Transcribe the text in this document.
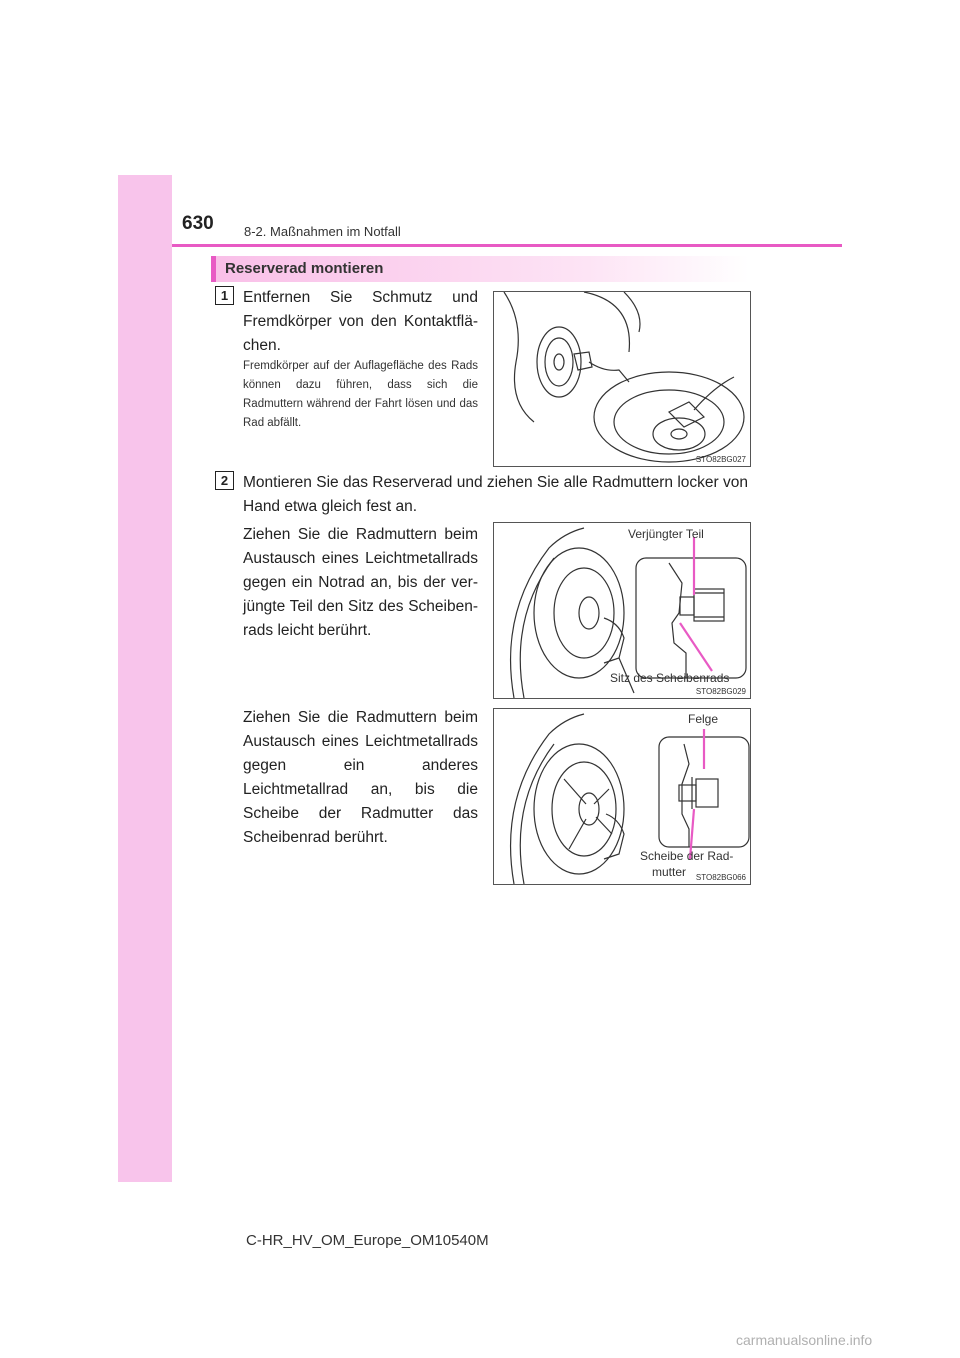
630 8-2. Maßnahmen im Notfall
Reserverad montieren
1 Entfernen Sie Schmutz und Fremdkörper von den Kontaktflä-chen.
Fremdkörper auf der Auflagefläche des Rads können dazu führen, dass sich die Radmuttern während der Fahrt lösen und das Rad abfällt.
STO82BG027
2 Montieren Sie das Reserverad und ziehen Sie alle Radmuttern locker von Hand etwa gleich fest an.
Ziehen Sie die Radmuttern beim Austausch eines Leichtmetallrads gegen ein Notrad an, bis der ver-jüngte Teil den Sitz des Scheiben-rads leicht berührt.
Verjüngter Teil
Sitz des Scheibenrads
STO82BG029
Ziehen Sie die Radmuttern beim Austausch eines Leichtmetallrads gegen ein anderes Leichtmetallrad an, bis die Scheibe der Radmutter das Scheibenrad berührt.
Felge
Scheibe der Rad-
mutter STO82BG066
C-HR_HV_OM_Europe_OM10540M
carmanualsonline.info
